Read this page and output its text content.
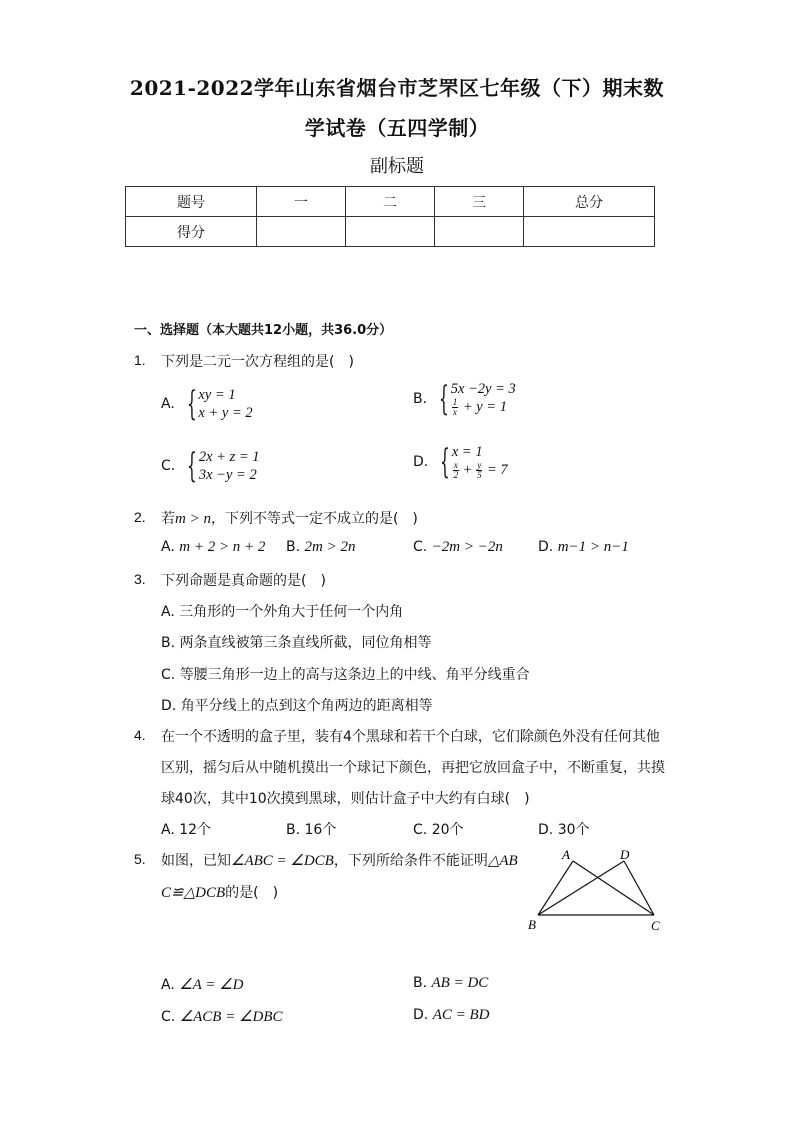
2021-2022学年山东省烟台市芝罘区七年级（下）期末数
学试卷（五四学制）
副标题
题号	一	二	三	总分
得分				
一、选择题（本大题共12小题，共36.0分）
1. 下列是二元一次方程组的是(　)
A. { xy = 1
x + y = 2
B. { 5x −2y = 3
$\frac{1}{x} + y = 1$
C. { 2x + z = 1
3x −y = 2
D. { x = 1
$\frac{x}{2} + \frac{y}{5} = 7$
2. 若m > n，下列不等式一定不成立的是(　)
A. m + 2 > n + 2 B. 2m > 2n	C. −2m > −2n	D. m−1 > n−1
3. 下列命题是真命题的是(　)
A. 三角形的一个外角大于任何一个内角
B. 两条直线被第三条直线所截，同位角相等
C. 等腰三角形一边上的高与这条边上的中线、角平分线重合
D. 角平分线上的点到这个角两边的距离相等
4. 在一个不透明的盒子里，装有4个黑球和若干个白球，它们除颜色外没有任何其他
区别，摇匀后从中随机摸出一个球记下颜色，再把它放回盒子中，不断重复，共摸
球40次，其中10次摸到黑球，则估计盒子中大约有白球(　)
A. 12个	B. 16个	C. 20个	D. 30个
5. 如图，已知∠ABC = ∠DCB，下列所给条件不能证明△AB
C≌△DCB的是(　)
A	D
B	C
A. ∠A = ∠D	B. AB = DC
C. ∠ACB = ∠DBC	D. AC = BD
